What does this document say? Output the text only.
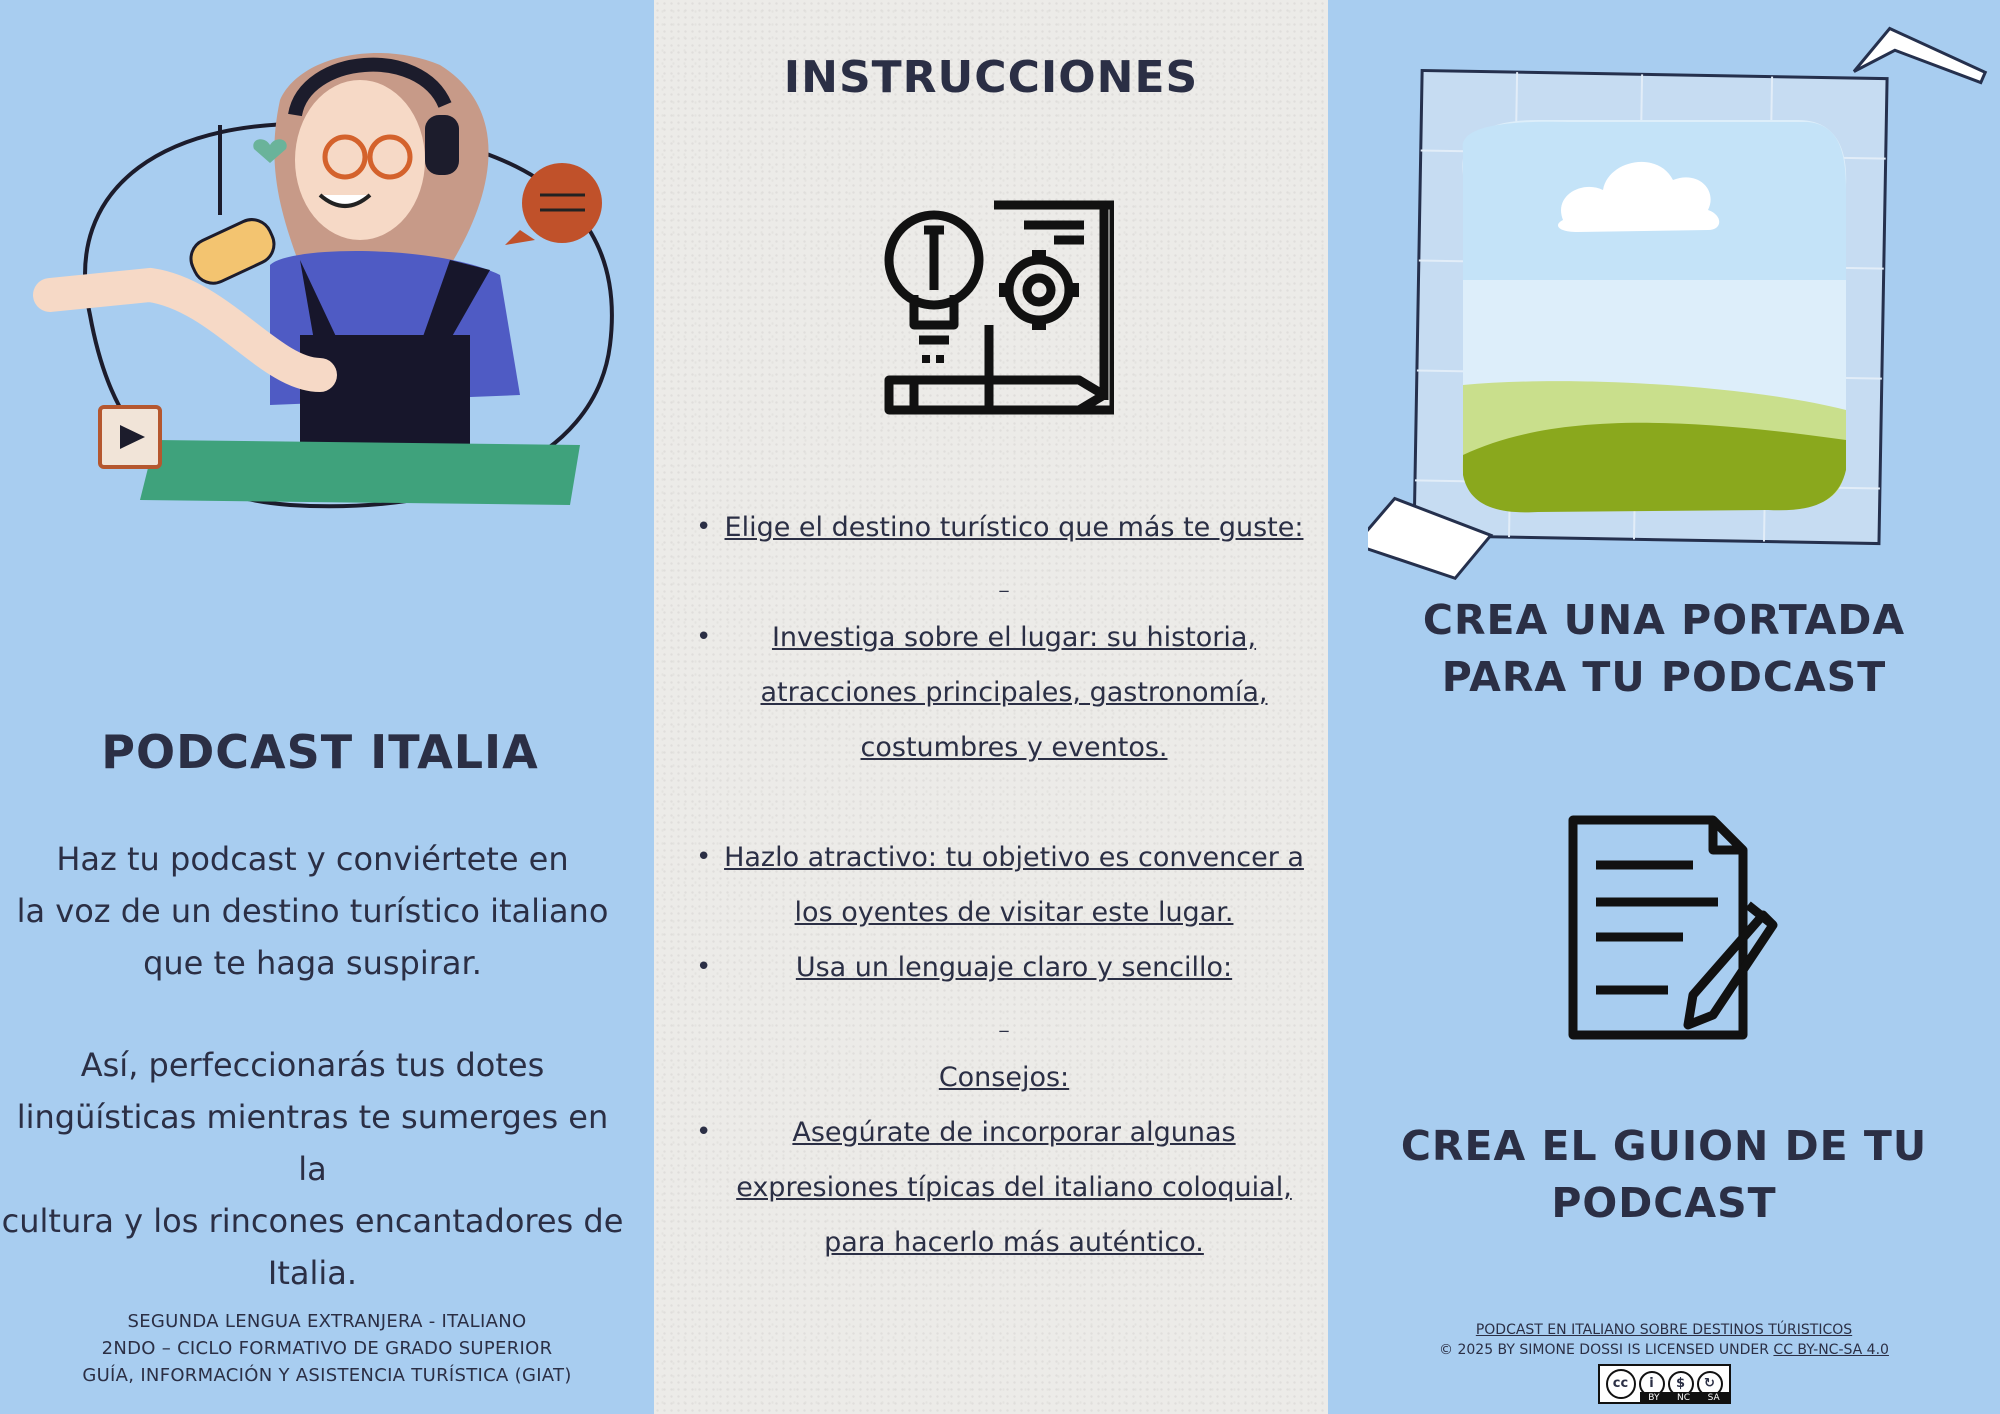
PODCAST ITALIA
Haz tu podcast y conviértete en
la voz de un destino turístico italiano
que te haga suspirar.
Así, perfeccionarás tus dotes
lingüísticas mientras te sumerges en la
cultura y los rincones encantadores de
Italia.
SEGUNDA LENGUA EXTRANJERA - ITALIANO
2NDO – CICLO FORMATIVO DE GRADO SUPERIOR
GUÍA, INFORMACIÓN Y ASISTENCIA TURÍSTICA (GIAT)
INSTRUCCIONES
• Elige el destino turístico que más te guste:
_
•	Investiga sobre el lugar: su historia,
atracciones principales, gastronomía,
costumbres y eventos.
• Hazlo atractivo: tu objetivo es convencer a
los oyentes de visitar este lugar.
•	Usa un lenguaje claro y sencillo:
_
Consejos:
•	Asegúrate de incorporar algunas
expresiones típicas del italiano coloquial,
para hacerlo más auténtico.
CREA UNA PORTADA
PARA TU PODCAST
CREA EL GUION DE TU
PODCAST
PODCAST EN ITALIANO SOBRE DESTINOS TÚRISTICOS
© 2025 BY SIMONE DOSSI IS LICENSED UNDER CC BY-NC-SA 4.0
cc	i	$	↻
BY NC SA
